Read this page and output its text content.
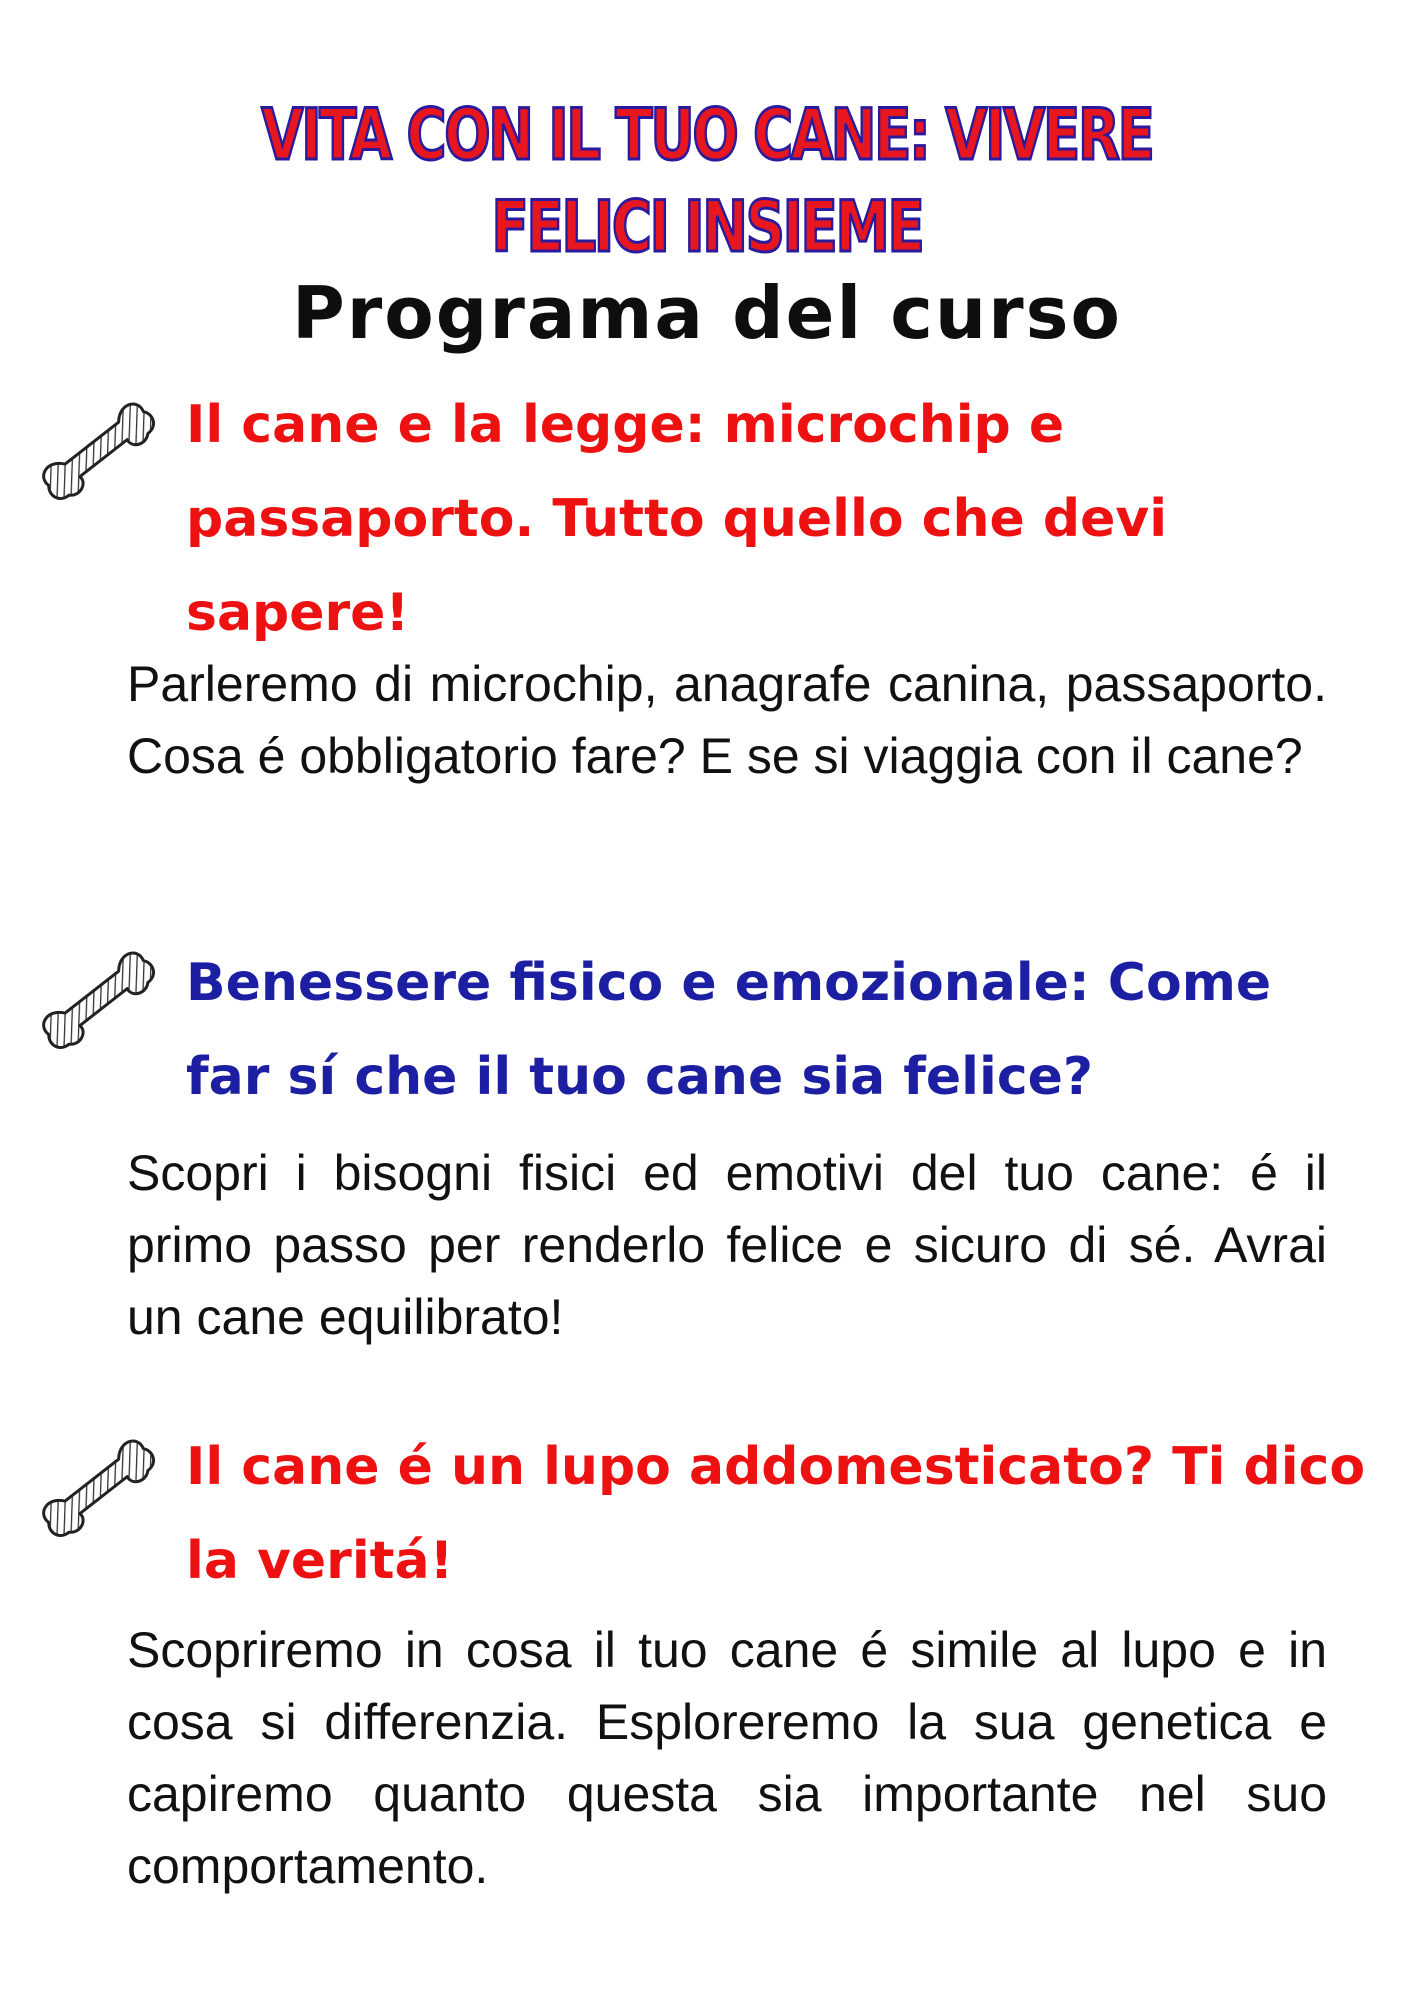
VITA CON IL TUO CANE: VIVERE FELICI INSIEME
Programa del curso
Il cane e la legge: microchip e passaporto. Tutto quello che devi sapere!

Parleremo di microchip, anagrafe canina, passaporto. Cosa é obbligatorio fare? E se si viaggia con il cane?

Benessere fisico e emozionale: Come far sí che il tuo cane sia felice?

Scopri i bisogni fisici ed emotivi del tuo cane: é il primo passo per renderlo felice e sicuro di sé. Avrai un cane equilibrato!

Il cane é un lupo addomesticato? Ti dico la veritá!

Scopriremo in cosa il tuo cane é simile al lupo e in cosa si differenzia. Esploreremo la sua genetica e capiremo quanto questa sia importante nel suo comportamento.
